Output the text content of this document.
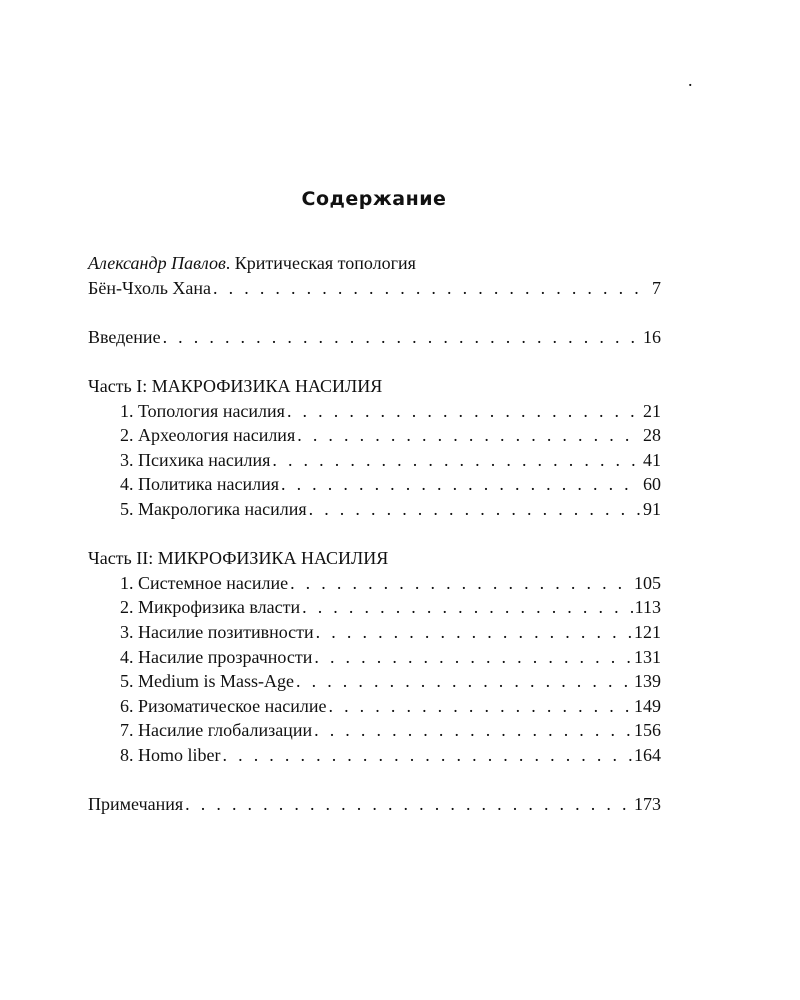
.
Содержание
Александр Павлов. Критическая топология
Бён-Чхоль Хана . . .	7
Введение . . .	16
Часть I: МАКРОФИЗИКА НАСИЛИЯ
1. Топология насилия . . .	21
2. Археология насилия . . .	28
3. Психика насилия . . .	41
4. Политика насилия . . .	60
5. Макрологика насилия . . .	91
Часть II: МИКРОФИЗИКА НАСИЛИЯ
1. Системное насилие . . .	105
2. Микрофизика власти . . .	113
3. Насилие позитивности . . .	121
4. Насилие прозрачности . . .	131
5. Medium is Mass-Age . . .	139
6. Ризоматическое насилие . . .	149
7. Насилие глобализации . . .	156
8. Homo liber . . .	164
Примечания . . .	173
